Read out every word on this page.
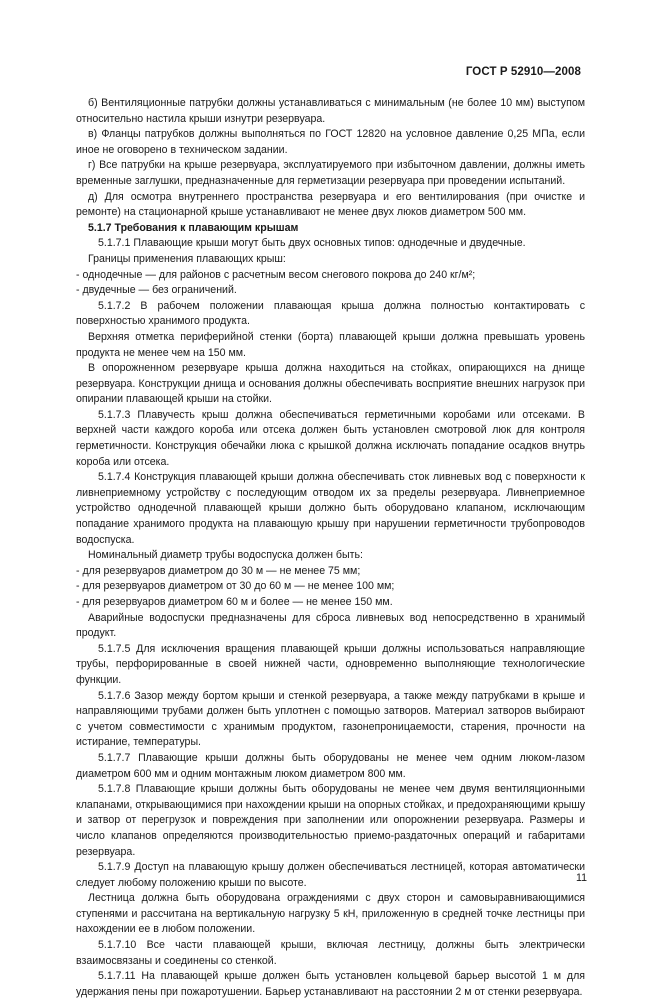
ГОСТ Р 52910—2008

б) Вентиляционные патрубки должны устанавливаться с минимальным (не более 10 мм) выступом относительно настила крыши изнутри резервуара.

в) Фланцы патрубков должны выполняться по ГОСТ 12820 на условное давление 0,25 МПа, если иное не оговорено в техническом задании.

г) Все патрубки на крыше резервуара, эксплуатируемого при избыточном давлении, должны иметь временные заглушки, предназначенные для герметизации резервуара при проведении испытаний.

д) Для осмотра внутреннего пространства резервуара и его вентилирования (при очистке и ремонте) на стационарной крыше устанавливают не менее двух люков диаметром 500 мм.

5.1.7 Требования к плавающим крышам

5.1.7.1 Плавающие крыши могут быть двух основных типов: однодечные и двудечные.

Границы применения плавающих крыш:

- однодечные — для районов с расчетным весом снегового покрова до 240 кг/м²;

- двудечные — без ограничений.

5.1.7.2 В рабочем положении плавающая крыша должна полностью контактировать с поверхностью хранимого продукта.

Верхняя отметка периферийной стенки (борта) плавающей крыши должна превышать уровень продукта не менее чем на 150 мм.

В опорожненном резервуаре крыша должна находиться на стойках, опирающихся на днище резервуара. Конструкции днища и основания должны обеспечивать восприятие внешних нагрузок при опирании плавающей крыши на стойки.

5.1.7.3 Плавучесть крыш должна обеспечиваться герметичными коробами или отсеками. В верхней части каждого короба или отсека должен быть установлен смотровой люк для контроля герметичности. Конструкция обечайки люка с крышкой должна исключать попадание осадков внутрь короба или отсека.

5.1.7.4 Конструкция плавающей крыши должна обеспечивать сток ливневых вод с поверхности к ливнеприемному устройству с последующим отводом их за пределы резервуара. Ливнеприемное устройство однодечной плавающей крыши должно быть оборудовано клапаном, исключающим попадание хранимого продукта на плавающую крышу при нарушении герметичности трубопроводов водоспуска.

Номинальный диаметр трубы водоспуска должен быть:

- для резервуаров диаметром до 30 м — не менее 75 мм;

- для резервуаров диаметром от 30 до 60 м — не менее 100 мм;

- для резервуаров диаметром 60 м и более — не менее 150 мм.

Аварийные водоспуски предназначены для сброса ливневых вод непосредственно в хранимый продукт.

5.1.7.5 Для исключения вращения плавающей крыши должны использоваться направляющие трубы, перфорированные в своей нижней части, одновременно выполняющие технологические функции.

5.1.7.6 Зазор между бортом крыши и стенкой резервуара, а также между патрубками в крыше и направляющими трубами должен быть уплотнен с помощью затворов. Материал затворов выбирают с учетом совместимости с хранимым продуктом, газонепроницаемости, старения, прочности на истирание, температуры.

5.1.7.7 Плавающие крыши должны быть оборудованы не менее чем одним люком-лазом диаметром 600 мм и одним монтажным люком диаметром 800 мм.

5.1.7.8 Плавающие крыши должны быть оборудованы не менее чем двумя вентиляционными клапанами, открывающимися при нахождении крыши на опорных стойках, и предохраняющими крышу и затвор от перегрузок и повреждения при заполнении или опорожнении резервуара. Размеры и число клапанов определяются производительностью приемо-раздаточных операций и габаритами резервуара.

5.1.7.9 Доступ на плавающую крышу должен обеспечиваться лестницей, которая автоматически следует любому положению крыши по высоте.

Лестница должна быть оборудована ограждениями с двух сторон и самовыравнивающимися ступенями и рассчитана на вертикальную нагрузку 5 кН, приложенную в средней точке лестницы при нахождении ее в любом положении.

5.1.7.10 Все части плавающей крыши, включая лестницу, должны быть электрически взаимосвязаны и соединены со стенкой.

5.1.7.11 На плавающей крыше должен быть установлен кольцевой барьер высотой 1 м для удержания пены при пожаротушении. Барьер устанавливают на расстоянии 2 м от стенки резервуара.

11
